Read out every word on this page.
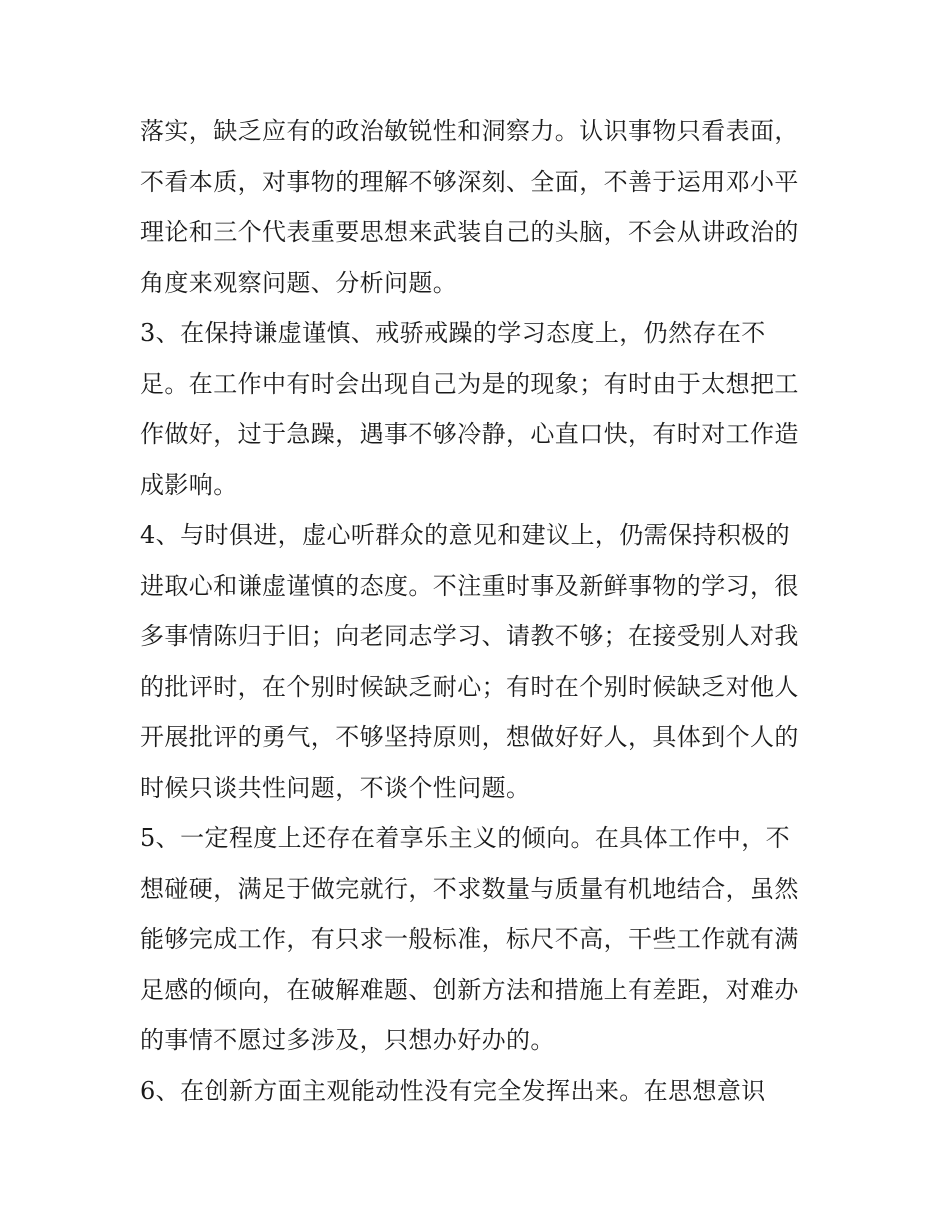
落实，缺乏应有的政治敏锐性和洞察力。认识事物只看表面，
不看本质，对事物的理解不够深刻、全面，不善于运用邓小平
理论和三个代表重要思想来武装自己的头脑，不会从讲政治的
角度来观察问题、分析问题。
3、在保持谦虚谨慎、戒骄戒躁的学习态度上，仍然存在不
足。在工作中有时会出现自己为是的现象；有时由于太想把工
作做好，过于急躁，遇事不够冷静，心直口快，有时对工作造
成影响。
4、与时俱进，虚心听群众的意见和建议上，仍需保持积极的
进取心和谦虚谨慎的态度。不注重时事及新鲜事物的学习，很
多事情陈归于旧；向老同志学习、请教不够；在接受别人对我
的批评时，在个别时候缺乏耐心；有时在个别时候缺乏对他人
开展批评的勇气，不够坚持原则，想做好好人，具体到个人的
时候只谈共性问题，不谈个性问题。
5、一定程度上还存在着享乐主义的倾向。在具体工作中，不
想碰硬，满足于做完就行，不求数量与质量有机地结合，虽然
能够完成工作，有只求一般标准，标尺不高，干些工作就有满
足感的倾向，在破解难题、创新方法和措施上有差距，对难办
的事情不愿过多涉及，只想办好办的。
6、在创新方面主观能动性没有完全发挥出来。在思想意识
